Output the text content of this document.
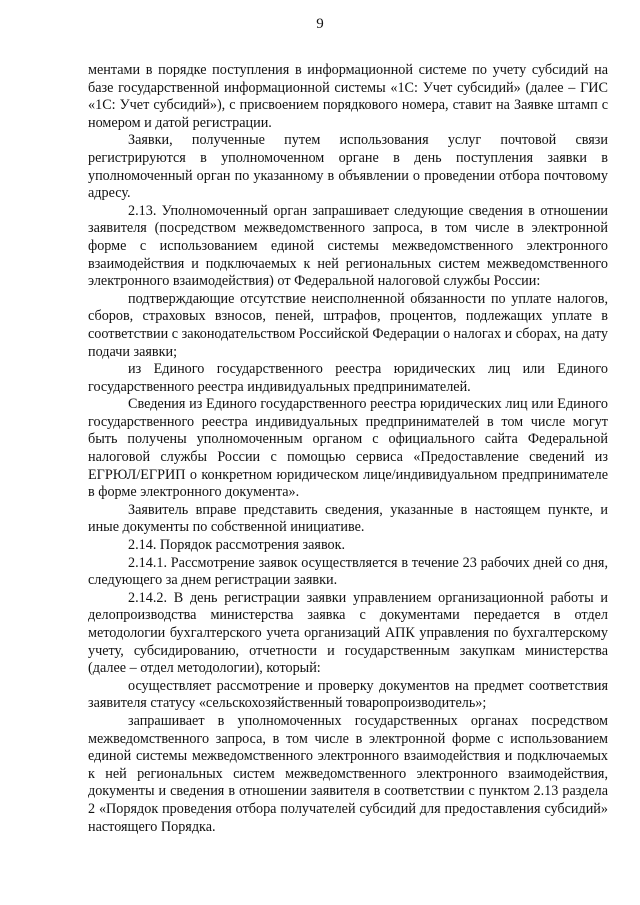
9

ментами в порядке поступления в информационной системе по учету субсидий на базе государственной информационной системы «1С: Учет субсидий» (далее – ГИС «1С: Учет субсидий»), с присвоением порядкового номера, ставит на Заявке штамп с номером и датой регистрации.

Заявки, полученные путем использования услуг почтовой связи регистрируются в уполномоченном органе в день поступления заявки в уполномоченный орган по указанному в объявлении о проведении отбора почтовому адресу.

2.13. Уполномоченный орган запрашивает следующие сведения в отношении заявителя (посредством межведомственного запроса, в том числе в электронной форме с использованием единой системы межведомственного электронного взаимодействия и подключаемых к ней региональных систем межведомственного электронного взаимодействия) от Федеральной налоговой службы России:

подтверждающие отсутствие неисполненной обязанности по уплате налогов, сборов, страховых взносов, пеней, штрафов, процентов, подлежащих уплате в соответствии с законодательством Российской Федерации о налогах и сборах, на дату подачи заявки;

из Единого государственного реестра юридических лиц или Единого государственного реестра индивидуальных предпринимателей.

Сведения из Единого государственного реестра юридических лиц или Единого государственного реестра индивидуальных предпринимателей в том числе могут быть получены уполномоченным органом с официального сайта Федеральной налоговой службы России с помощью сервиса «Предоставление сведений из ЕГРЮЛ/ЕГРИП о конкретном юридическом лице/индивидуальном предпринимателе в форме электронного документа».

Заявитель вправе представить сведения, указанные в настоящем пункте, и иные документы по собственной инициативе.

2.14. Порядок рассмотрения заявок.

2.14.1. Рассмотрение заявок осуществляется в течение 23 рабочих дней со дня, следующего за днем регистрации заявки.

2.14.2. В день регистрации заявки управлением организационной работы и делопроизводства министерства заявка с документами передается в отдел методологии бухгалтерского учета организаций АПК управления по бухгалтерскому учету, субсидированию, отчетности и государственным закупкам министерства (далее – отдел методологии), который:

осуществляет рассмотрение и проверку документов на предмет соответствия заявителя статусу «сельскохозяйственный товаропроизводитель»;

запрашивает в уполномоченных государственных органах посредством межведомственного запроса, в том числе в электронной форме с использованием единой системы межведомственного электронного взаимодействия и подключаемых к ней региональных систем межведомственного электронного взаимодействия, документы и сведения в отношении заявителя в соответствии с пунктом 2.13 раздела 2 «Порядок проведения отбора получателей субсидий для предоставления субсидий» настоящего Порядка.
